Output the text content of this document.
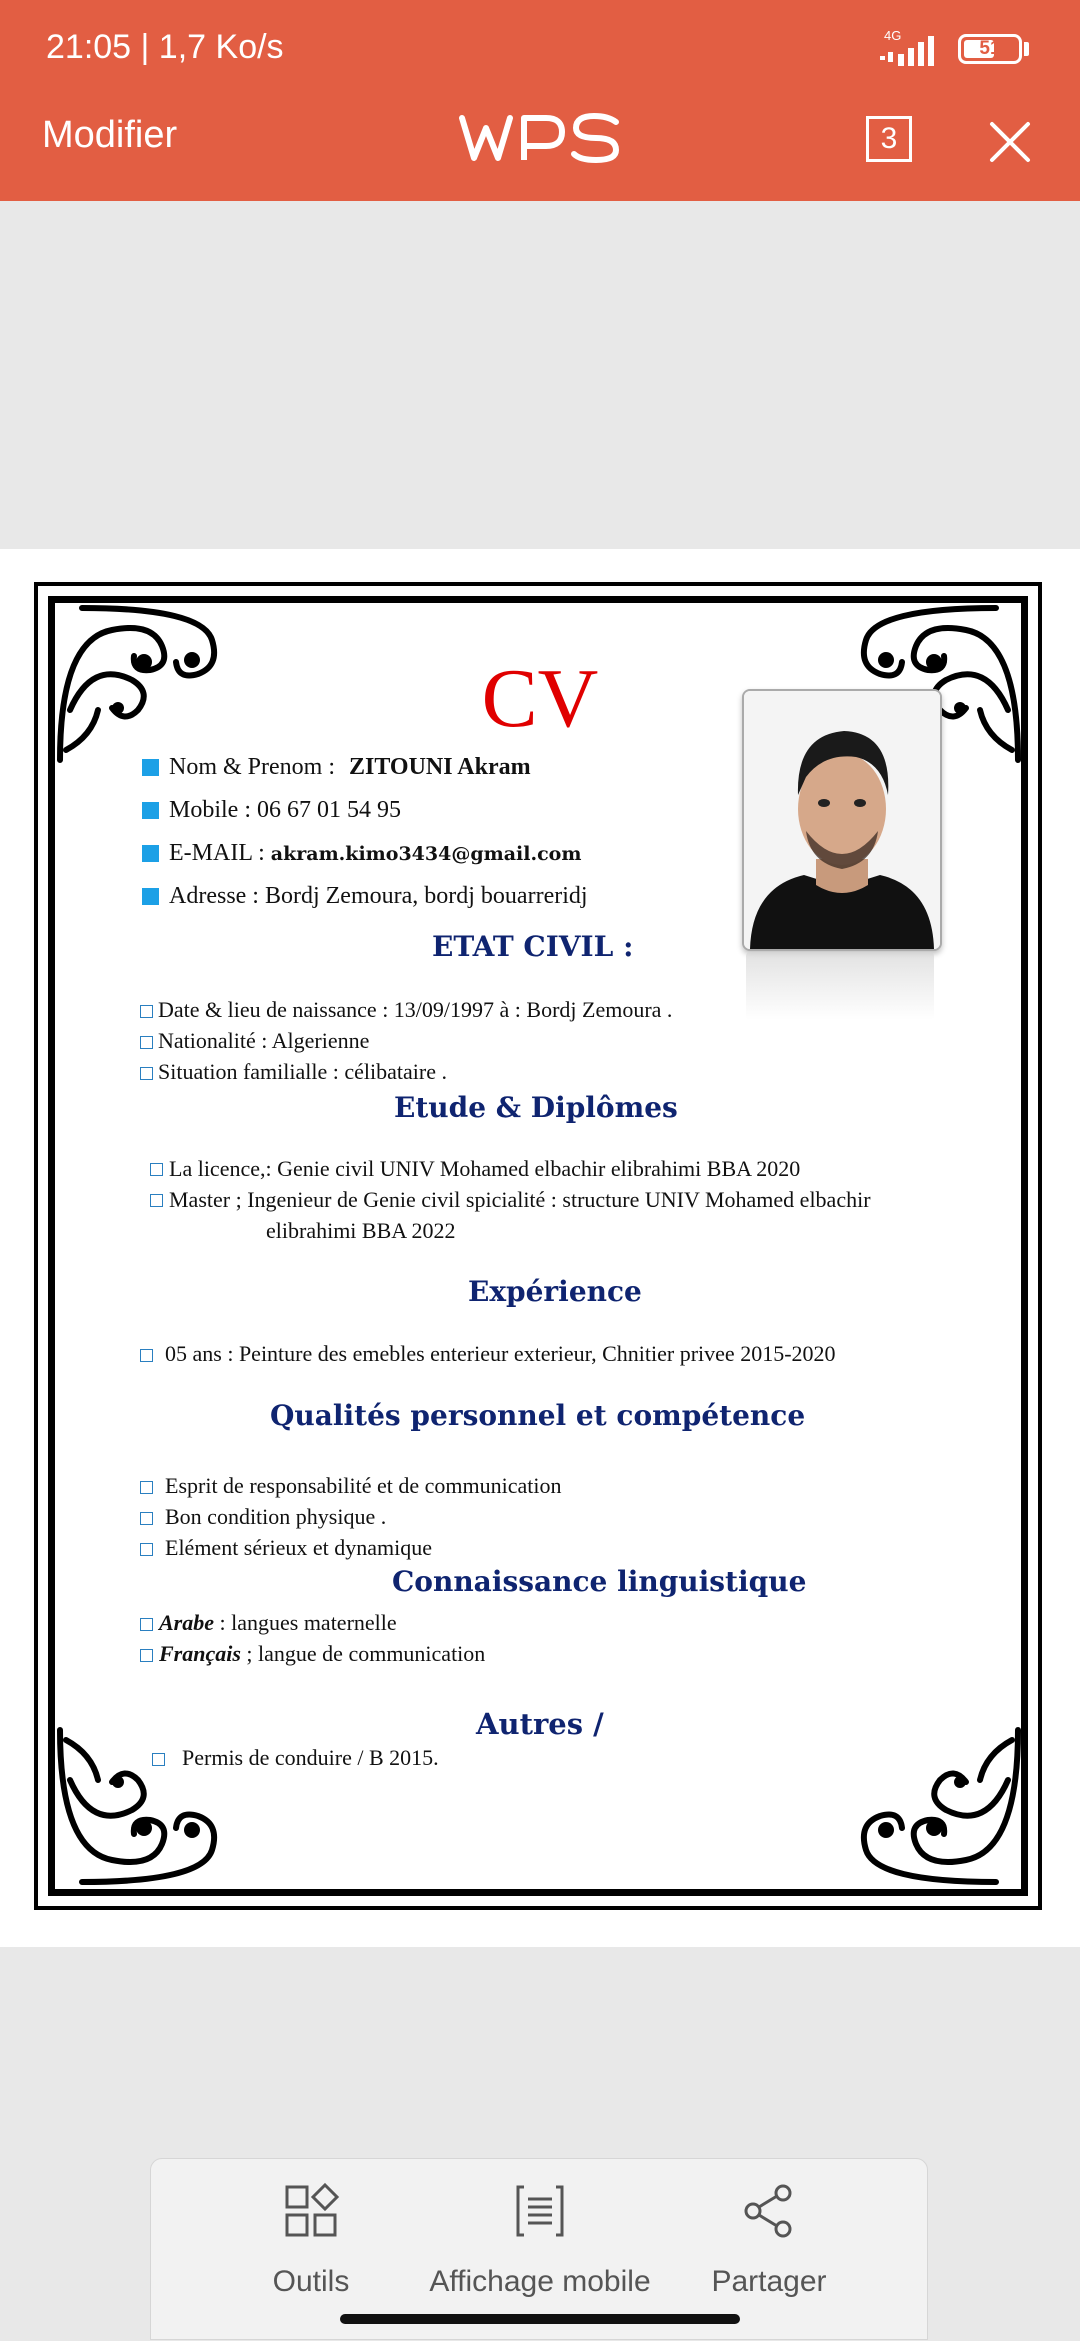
21:05 | 1,7 Ko/s	4G
51
Modifier	3
CV
Nom & Prenom : ZITOUNI Akram
Mobile : 06 67 01 54 95
E-MAIL : akram.kimo3434@gmail.com
Adresse : Bordj Zemoura, bordj bouarreridj
ETAT CIVIL :
Date & lieu de naissance : 13/09/1997 à : Bordj Zemoura .
Nationalité : Algerienne
Situation familialle : célibataire .
Etude & Diplômes
La licence,: Genie civil UNIV Mohamed elbachir elibrahimi BBA 2020
Master ; Ingenieur de Genie civil spicialité : structure UNIV Mohamed elbachir
elibrahimi BBA 2022
Expérience
05 ans : Peinture des emebles enterieur exterieur, Chnitier privee 2015-2020
Qualités personnel et compétence
Esprit de responsabilité et de communication
Bon condition physique .
Elément sérieux et dynamique
Connaissance linguistique
Arabe : langues maternelle
Français ; langue de communication
Autres /
Permis de conduire / B 2015.
Outils	Affichage mobile	Partager
